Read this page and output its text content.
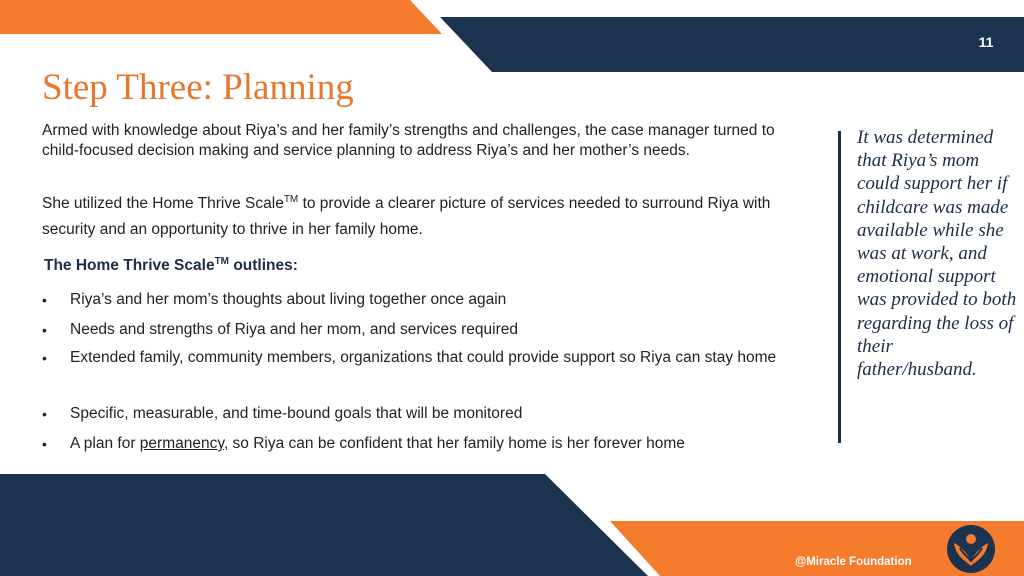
11
Step Three: Planning

Armed with knowledge about Riya’s and her family’s strengths and challenges, the case manager turned to child-focused decision making and service planning to address Riya’s and her mother’s needs.

She utilized the Home Thrive Scale™ to provide a clearer picture of services needed to surround Riya with security and an opportunity to thrive in her family home.

The Home Thrive Scale™ outlines:
• Riya’s and her mom’s thoughts about living together once again
• Needs and strengths of Riya and her mom, and services required
• Extended family, community members, organizations that could provide support so Riya can stay home
• Specific, measurable, and time-bound goals that will be monitored
• A plan for permanency, so Riya can be confident that her family home is her forever home

It was determined that Riya’s mom could support her if childcare was made available while she was at work, and emotional support was provided to both regarding the loss of their father/husband.

@Miracle Foundation
